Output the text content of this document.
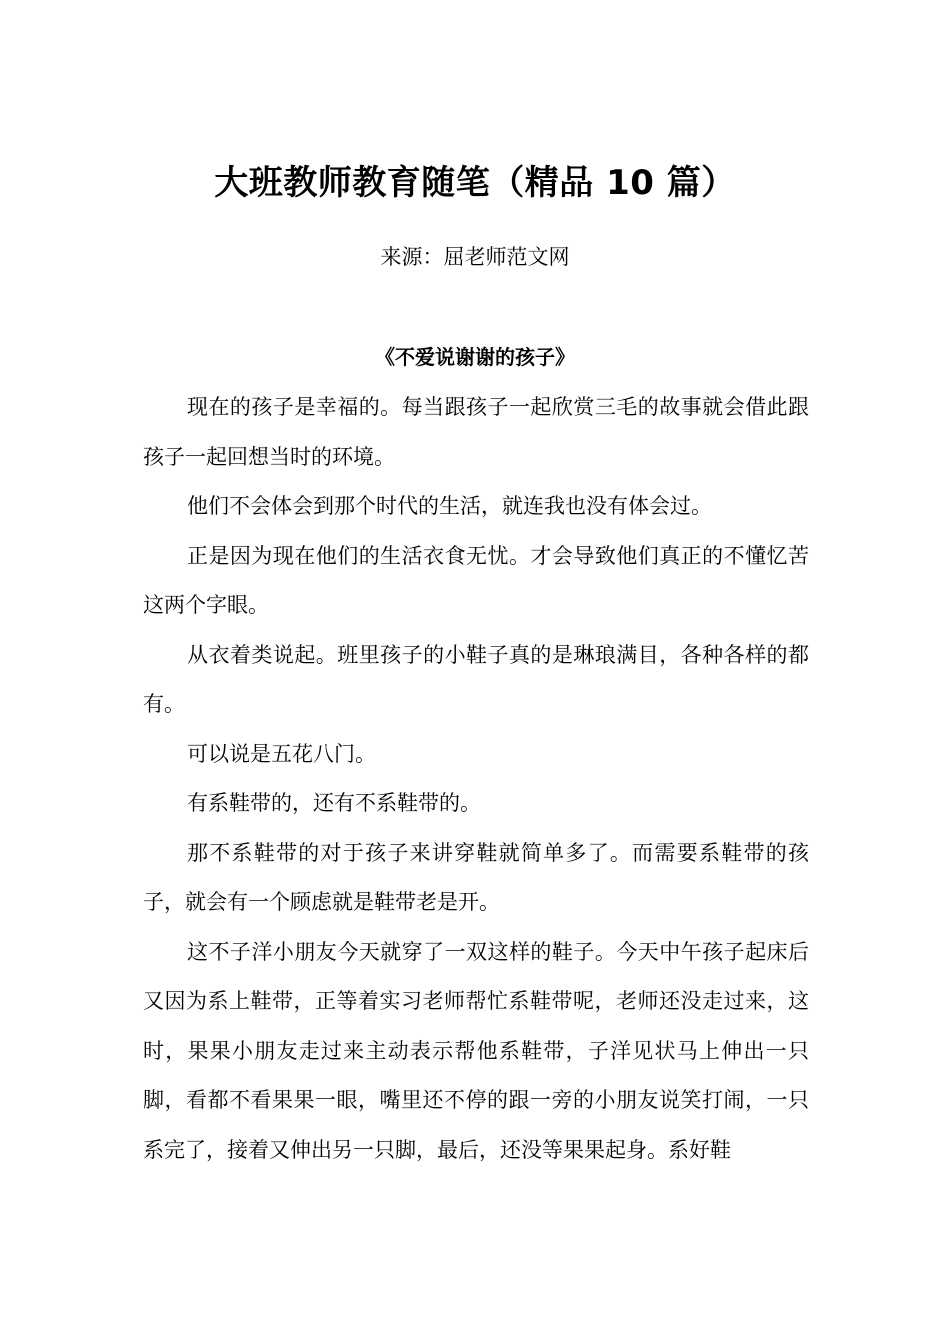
大班教师教育随笔（精品 10 篇）
来源：屈老师范文网
《不爱说谢谢的孩子》

现在的孩子是幸福的。每当跟孩子一起欣赏三毛的故事就会借此跟孩子一起回想当时的环境。

他们不会体会到那个时代的生活，就连我也没有体会过。

正是因为现在他们的生活衣食无忧。才会导致他们真正的不懂忆苦这两个字眼。

从衣着类说起。班里孩子的小鞋子真的是琳琅满目，各种各样的都有。

可以说是五花八门。

有系鞋带的，还有不系鞋带的。

那不系鞋带的对于孩子来讲穿鞋就简单多了。而需要系鞋带的孩子，就会有一个顾虑就是鞋带老是开。

这不子洋小朋友今天就穿了一双这样的鞋子。今天中午孩子起床后又因为系上鞋带，正等着实习老师帮忙系鞋带呢，老师还没走过来，这时，果果小朋友走过来主动表示帮他系鞋带，子洋见状马上伸出一只脚，看都不看果果一眼，嘴里还不停的跟一旁的小朋友说笑打闹，一只系完了，接着又伸出另一只脚，最后，还没等果果起身。系好鞋
